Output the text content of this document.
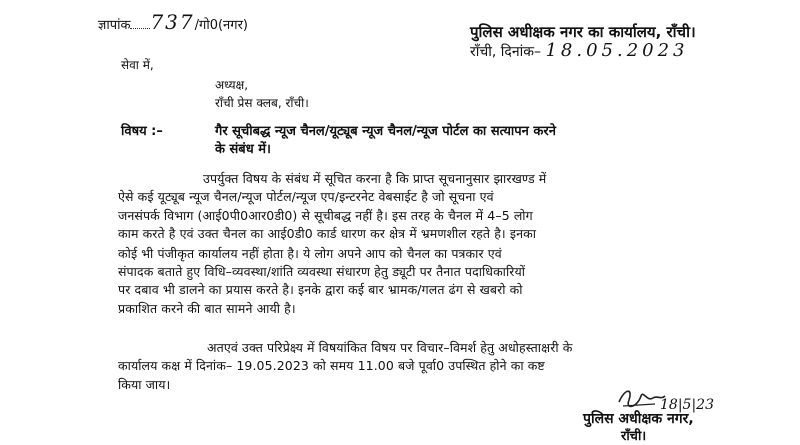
ज्ञापांक 737/गो0(नगर)	पुलिस अधीक्षक नगर का कार्यालय, राँची।
राँची, दिनांक– 18.05.2023
सेवा में,
अध्यक्ष,
राँची प्रेस क्लब, राँची।
विषय :–	गैर सूचीबद्ध न्यूज चैनल/यूट्यूब न्यूज चैनल/न्यूज पोर्टल का सत्यापन करने
के संबंध में।
उपर्युक्त विषय के संबंध में सूचित करना है कि प्राप्त सूचनानुसार झारखण्ड में
ऐसे कई यूट्यूब न्यूज चैनल/न्यूज पोर्टल/न्यूज एप/इन्टरनेट वेबसाईट है जो सूचना एवं
जनसंपर्क विभाग (आई0पी0आर0डी0) से सूचीबद्ध नहीं है। इस तरह के चैनल में 4–5 लोग
काम करते है एवं उक्त चैनल का आई0डी0 कार्ड धारण कर क्षेत्र में भ्रमणशील रहते है। इनका
कोई भी पंजीकृत कार्यालय नहीं होता है। ये लोग अपने आप को चैनल का पत्रकार एवं
संपादक बताते हुए विधि–व्यवस्था/शांति व्यवस्था संधारण हेतु ड्यूटी पर तैनात पदाधिकारियों
पर दबाव भी डालने का प्रयास करते है। इनके द्वारा कई बार भ्रामक/गलत ढंग से खबरो को
प्रकाशित करने की बात सामने आयी है।
अतएवं उक्त परिप्रेक्ष्य में विषयांकित विषय पर विचार–विमर्श हेतु अधोहस्ताक्षरी के
कार्यालय कक्ष में दिनांक– 19.05.2023 को समय 11.00 बजे पूर्वा0 उपस्थित होने का कष्ट
किया जाय।
18|5|23
पुलिस अधीक्षक नगर,
राँची।
